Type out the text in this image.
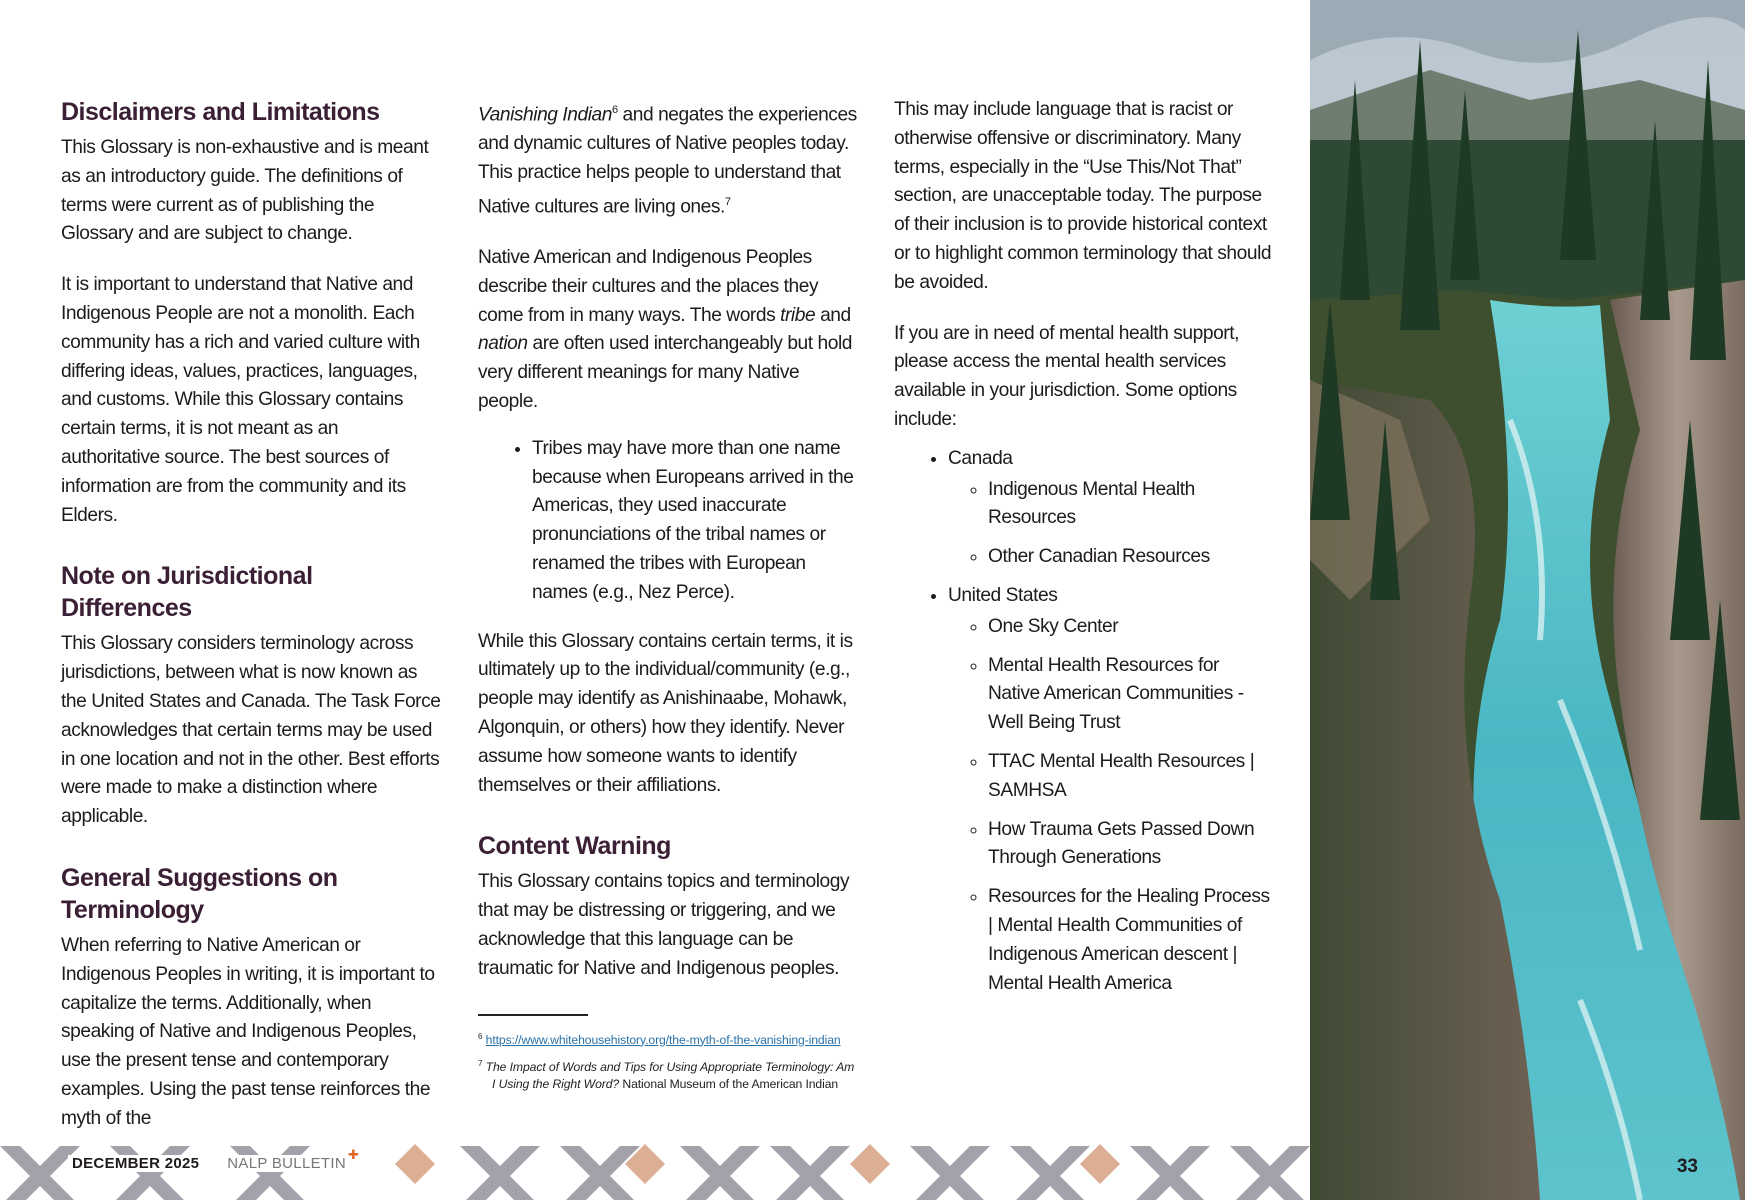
Disclaimers and Limitations

This Glossary is non-exhaustive and is meant as an introductory guide. The definitions of terms were current as of publishing the Glossary and are subject to change.

It is important to understand that Native and Indigenous People are not a monolith. Each community has a rich and varied culture with differing ideas, values, practices, languages, and customs. While this Glossary contains certain terms, it is not meant as an authoritative source. The best sources of information are from the community and its Elders.

Note on Jurisdictional Differences

This Glossary considers terminology across jurisdictions, between what is now known as the United States and Canada. The Task Force acknowledges that certain terms may be used in one location and not in the other. Best efforts were made to make a distinction where applicable.

General Suggestions on Terminology

When referring to Native American or Indigenous Peoples in writing, it is important to capitalize the terms. Additionally, when speaking of Native and Indigenous Peoples, use the present tense and contemporary examples. Using the past tense reinforces the myth of the

Vanishing Indian$^6$ and negates the experiences and dynamic cultures of Native peoples today. This practice helps people to understand that Native cultures are living ones.$^7$

Native American and Indigenous Peoples describe their cultures and the places they come from in many ways. The words tribe and nation are often used interchangeably but hold very different meanings for many Native people.

• Tribes may have more than one name because when Europeans arrived in the Americas, they used inaccurate pronunciations of the tribal names or renamed the tribes with European names (e.g., Nez Perce).

While this Glossary contains certain terms, it is ultimately up to the individual/community (e.g., people may identify as Anishinaabe, Mohawk, Algonquin, or others) how they identify. Never assume how someone wants to identify themselves or their affiliations.

Content Warning

This Glossary contains topics and terminology that may be distressing or triggering, and we acknowledge that this language can be traumatic for Native and Indigenous peoples.

$^6$ https://www.whitehousehistory.org/the-myth-of-the-vanishing-indian
$^7$ The Impact of Words and Tips for Using Appropriate Terminology: Am I Using the Right Word? National Museum of the American Indian

This may include language that is racist or otherwise offensive or discriminatory. Many terms, especially in the “Use This/Not That” section, are unacceptable today. The purpose of their inclusion is to provide historical context or to highlight common terminology that should be avoided.

If you are in need of mental health support, please access the mental health services available in your jurisdiction. Some options include:

• Canada
◦ Indigenous Mental Health Resources
◦ Other Canadian Resources
• United States
◦ One Sky Center
◦ Mental Health Resources for Native American Communities - Well Being Trust
◦ TTAC Mental Health Resources | SAMHSA
◦ How Trauma Gets Passed Down Through Generations
◦ Resources for the Healing Process | Mental Health Communities of Indigenous American descent | Mental Health America
DECEMBER 2025 NALP BULLETIN✚
33
